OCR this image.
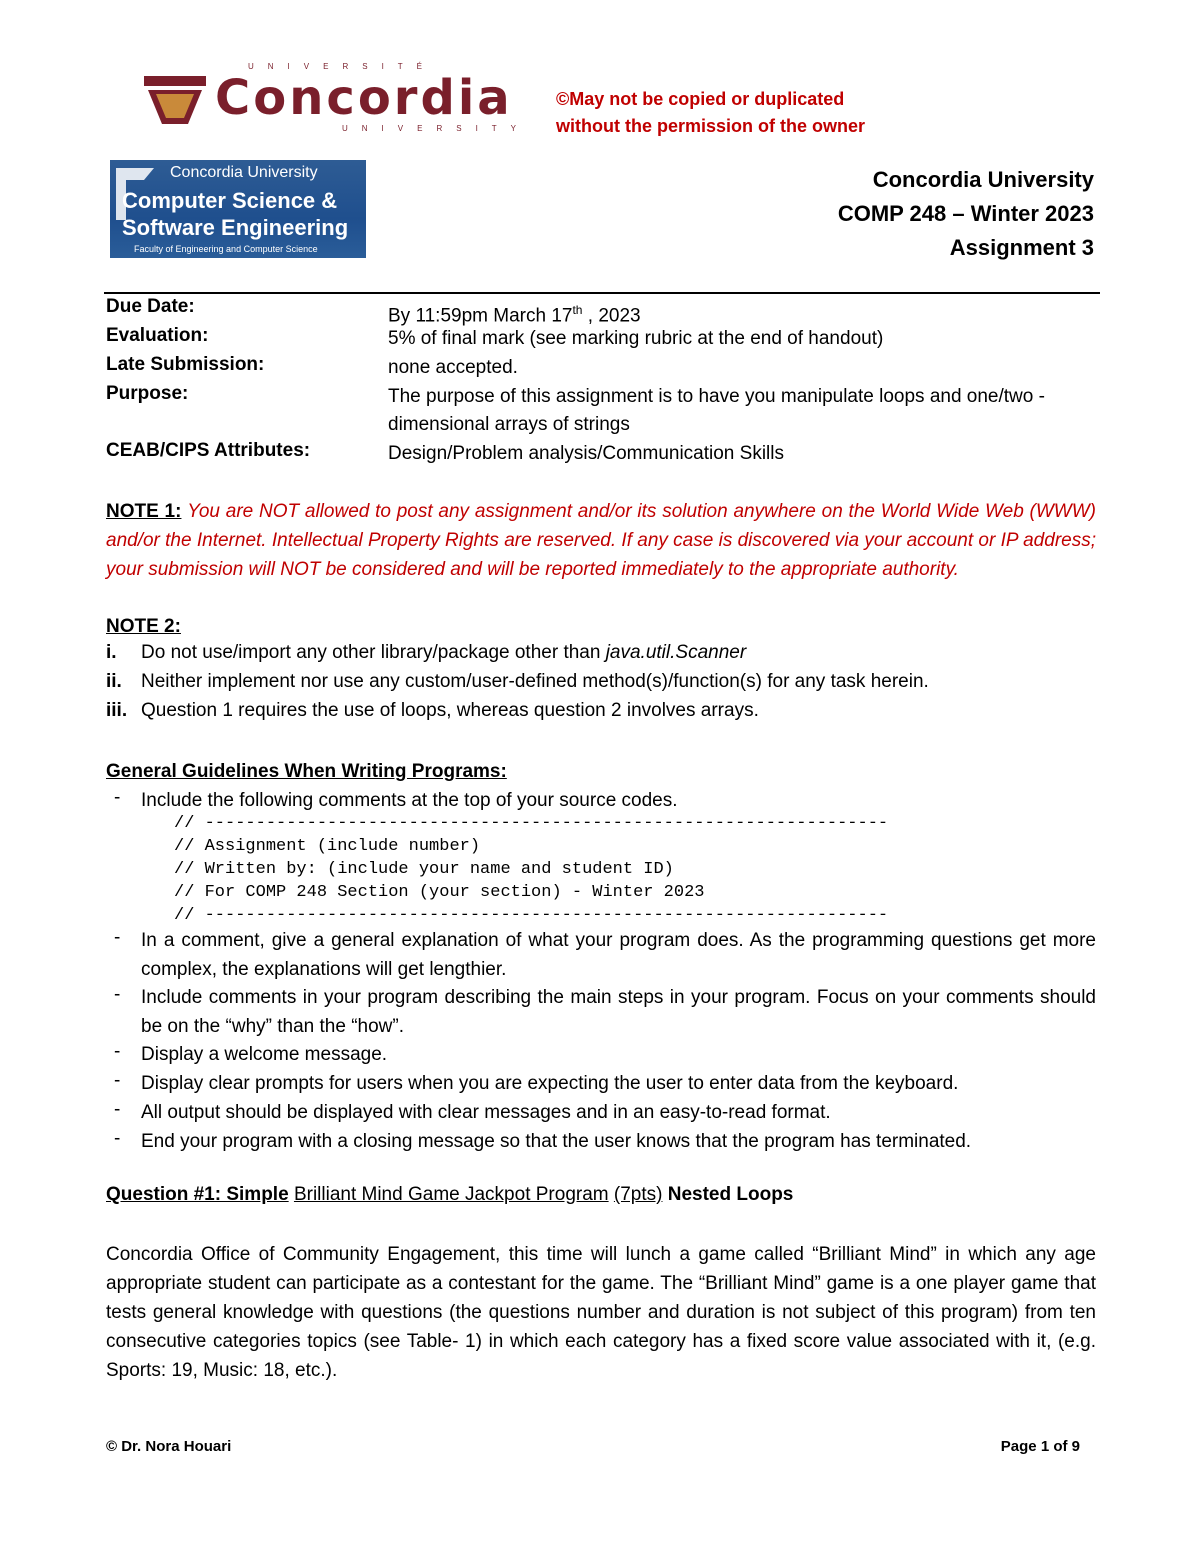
UNIVERSITÉ
Concordia
UNIVERSITY
©May not be copied or duplicated
without the permission of the owner
Concordia University
Computer Science &
Software Engineering
Faculty of Engineering and Computer Science
Concordia University
COMP 248 – Winter 2023
Assignment 3
Due Date:	By 11:59pm March 17th , 2023
Evaluation:	5% of final mark (see marking rubric at the end of handout)
Late Submission:	none accepted.
Purpose:	The purpose of this assignment is to have you manipulate loops and one/two -dimensional arrays of strings
CEAB/CIPS Attributes:	Design/Problem analysis/Communication Skills
NOTE 1: You are NOT allowed to post any assignment and/or its solution anywhere on the World Wide Web (WWW) and/or the Internet. Intellectual Property Rights are reserved. If any case is discovered via your account or IP address; your submission will NOT be considered and will be reported immediately to the appropriate authority.
NOTE 2:
i. Do not use/import any other library/package other than java.util.Scanner
ii. Neither implement nor use any custom/user-defined method(s)/function(s) for any task herein.
iii. Question 1 requires the use of loops, whereas question 2 involves arrays.
General Guidelines When Writing Programs:
- Include the following comments at the top of your source codes.
// -------------------------------------------------------------------
// Assignment (include number)
// Written by: (include your name and student ID)
// For COMP 248 Section (your section) - Winter 2023
// -------------------------------------------------------------------
- In a comment, give a general explanation of what your program does. As the programming questions get more complex, the explanations will get lengthier.
- Include comments in your program describing the main steps in your program. Focus on your comments should be on the “why” than the “how”.
- Display a welcome message.
- Display clear prompts for users when you are expecting the user to enter data from the keyboard.
- All output should be displayed with clear messages and in an easy-to-read format.
- End your program with a closing message so that the user knows that the program has terminated.
Question #1: Simple Brilliant Mind Game Jackpot Program (7pts) Nested Loops
Concordia Office of Community Engagement, this time will lunch a game called “Brilliant Mind” in which any age appropriate student can participate as a contestant for the game. The “Brilliant Mind” game is a one player game that tests general knowledge with questions (the questions number and duration is not subject of this program) from ten consecutive categories topics (see Table- 1) in which each category has a fixed score value associated with it, (e.g. Sports: 19, Music: 18, etc.).
© Dr. Nora Houari	Page 1 of 9
